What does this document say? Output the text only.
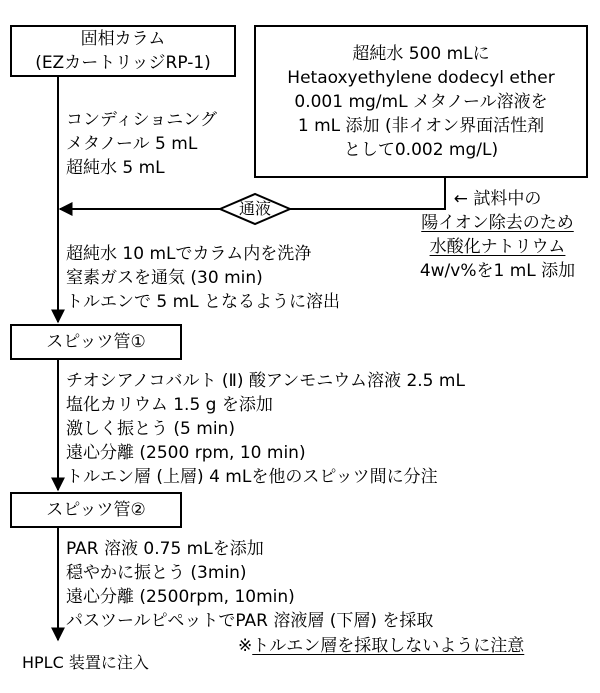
固相カラム
(EZカートリッジRP-1)	超純水 500 mLに
Hetaoxyethylene dodecyl ether
0.001 mg/mL メタノール溶液を
1 mL 添加 (非イオン界面活性剤
として0.002 mg/L)
コンディショニング
メタノール 5 mL
超純水 5 mL
通液	← 試料中の
陽イオン除去のため
水酸化ナトリウム
4w/v%を1 mL 添加
超純水 10 mLでカラム内を洗浄
窒素ガスを通気 (30 min)
トルエンで 5 mL となるように溶出
スピッツ管①
チオシアノコバルト (Ⅱ) 酸アンモニウム溶液 2.5 mL
塩化カリウム 1.5 g を添加
激しく振とう (5 min)
遠心分離 (2500 rpm, 10 min)
トルエン層 (上層) 4 mLを他のスピッツ間に分注
スピッツ管②
PAR 溶液 0.75 mLを添加
穏やかに振とう (3min)
遠心分離 (2500rpm, 10min)
パスツールピペットでPAR 溶液層 (下層) を採取
※トルエン層を採取しないように注意
HPLC 装置に注入
